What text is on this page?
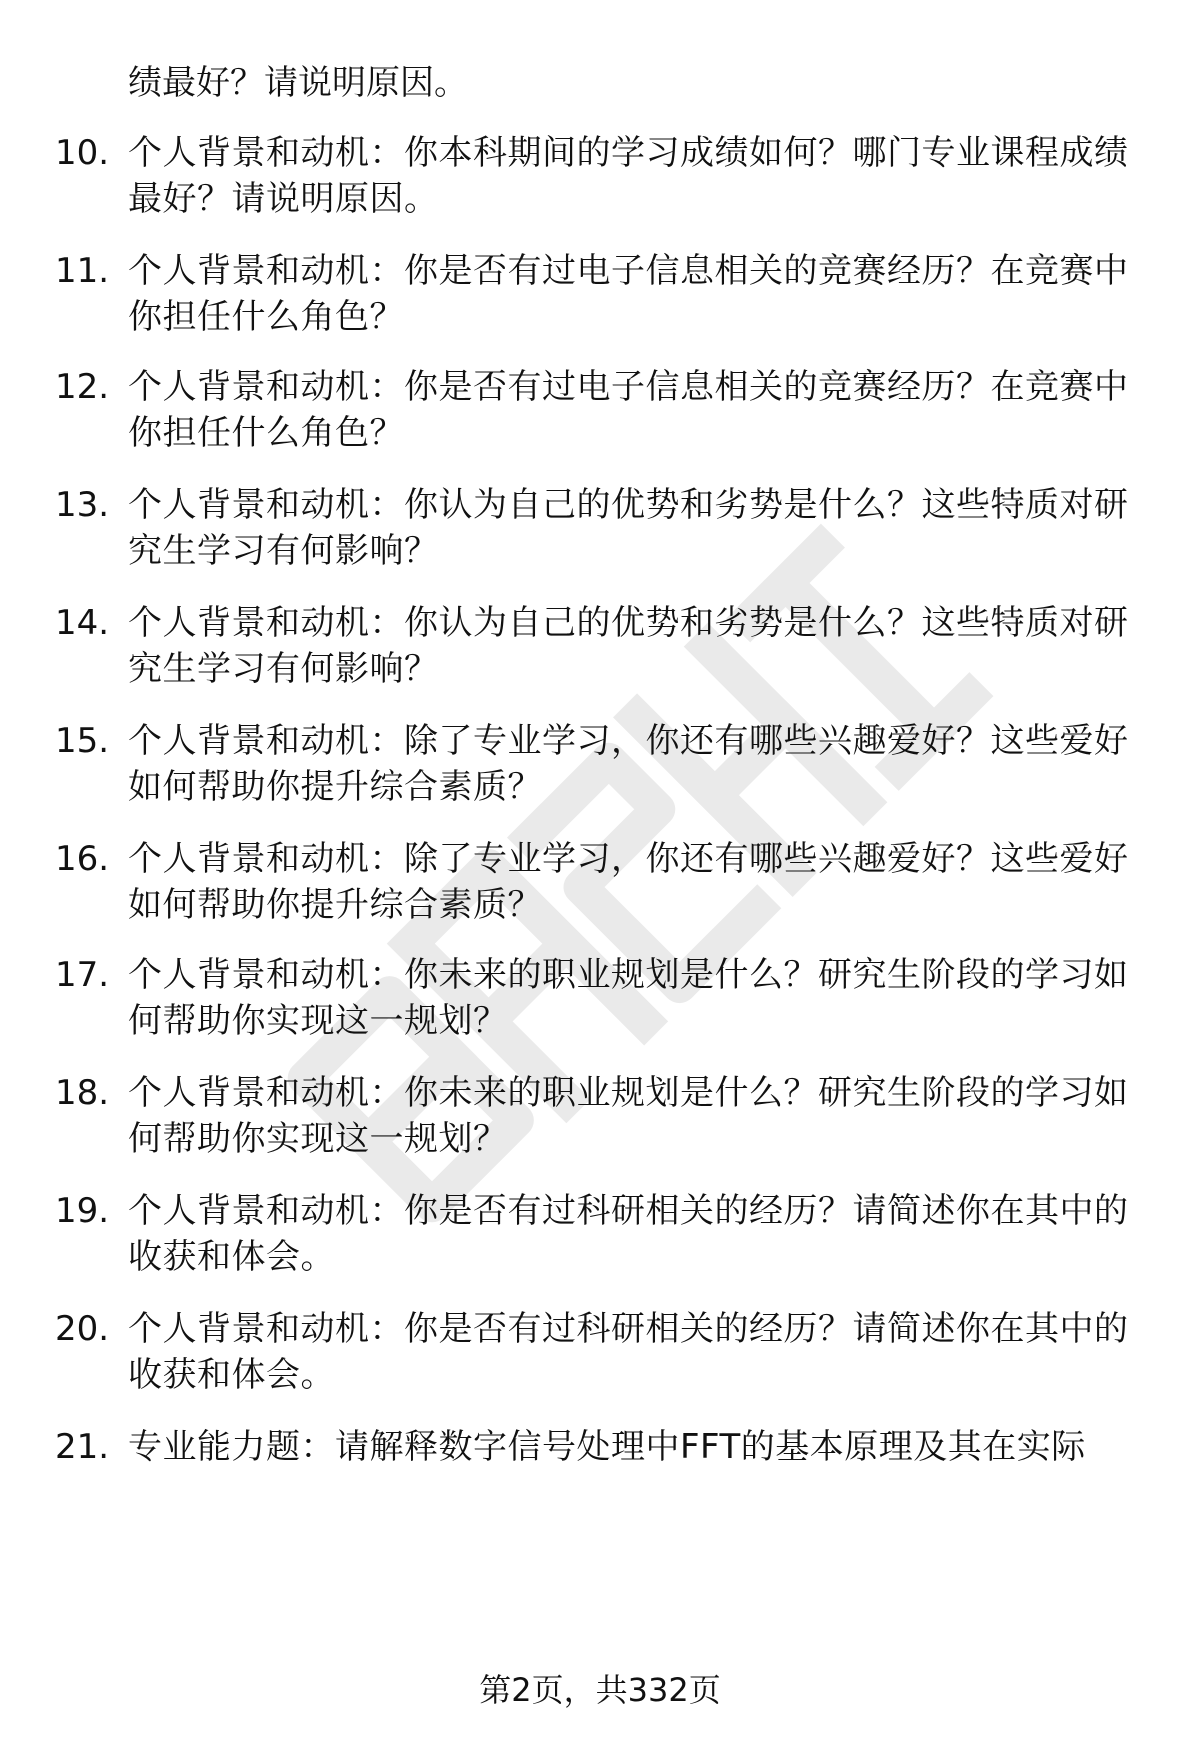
绩最好？请说明原因。
10. 个人背景和动机：你本科期间的学习成绩如何？哪门专业课程成绩最好？请说明原因。
11. 个人背景和动机：你是否有过电子信息相关的竞赛经历？在竞赛中你担任什么角色？
12. 个人背景和动机：你是否有过电子信息相关的竞赛经历？在竞赛中你担任什么角色？
13. 个人背景和动机：你认为自己的优势和劣势是什么？这些特质对研究生学习有何影响？
14. 个人背景和动机：你认为自己的优势和劣势是什么？这些特质对研究生学习有何影响？
15. 个人背景和动机：除了专业学习，你还有哪些兴趣爱好？这些爱好如何帮助你提升综合素质？
16. 个人背景和动机：除了专业学习，你还有哪些兴趣爱好？这些爱好如何帮助你提升综合素质？
17. 个人背景和动机：你未来的职业规划是什么？研究生阶段的学习如何帮助你实现这一规划？
18. 个人背景和动机：你未来的职业规划是什么？研究生阶段的学习如何帮助你实现这一规划？
19. 个人背景和动机：你是否有过科研相关的经历？请简述你在其中的收获和体会。
20. 个人背景和动机：你是否有过科研相关的经历？请简述你在其中的收获和体会。
21. 专业能力题：请解释数字信号处理中FFT的基本原理及其在实际
第2页，共332页
